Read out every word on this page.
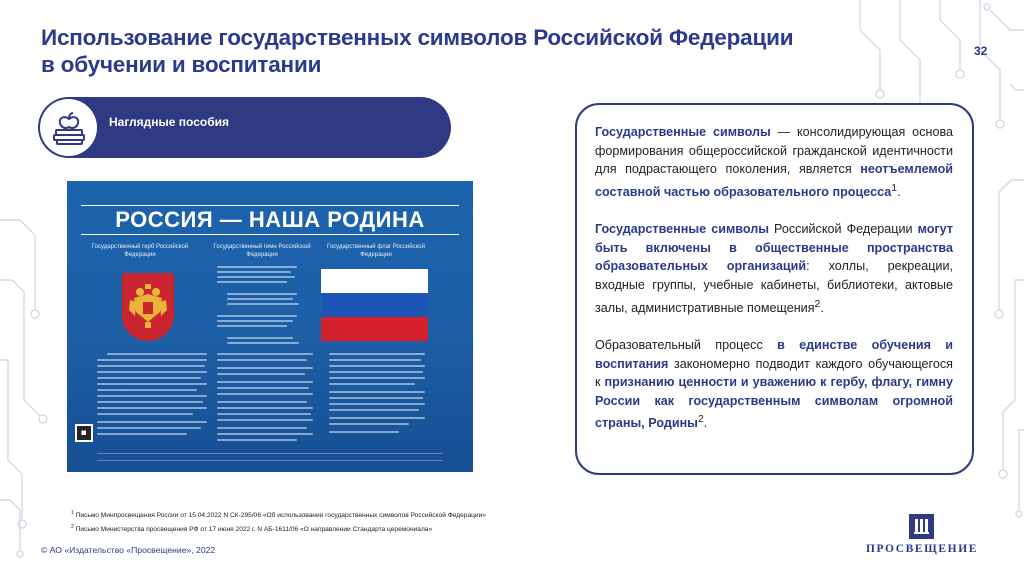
Использование государственных символов Российской Федерации
в обучении и воспитании
32
Наглядные пособия
РОССИЯ — НАША РОДИНА
Государственный герб Российской Федерации
Государственный гимн Российской Федерации
Государственный флаг Российской Федерации

Государственные символы — консолидирующая основа формирования общероссийской гражданской идентичности для подрастающего поколения, является неотъемлемой составной частью образовательного процесса$^1$.

Государственные символы Российской Федерации могут быть включены в общественные пространства образовательных организаций: холлы, рекреации, входные группы, учебные кабинеты, библиотеки, актовые залы, административные помещения$^2$.

Образовательный процесс в единстве обучения и воспитания закономерно подводит каждого обучающегося к признанию ценности и уважению к гербу, флагу, гимну России как государственным символам огромной страны, Родины$^2$.

$^1$ Письмо Минпросвещения России от 15.04.2022 N СК-295/06 «Об использовании государственных символов Российской Федерации»
$^2$ Письмо Министерства просвещения РФ от 17 июня 2022 г. N АБ-1611/06 «О направлении Стандарта церемониала»
© АО «Издательство «Просвещение», 2022	ПРОСВЕЩЕНИЕ
